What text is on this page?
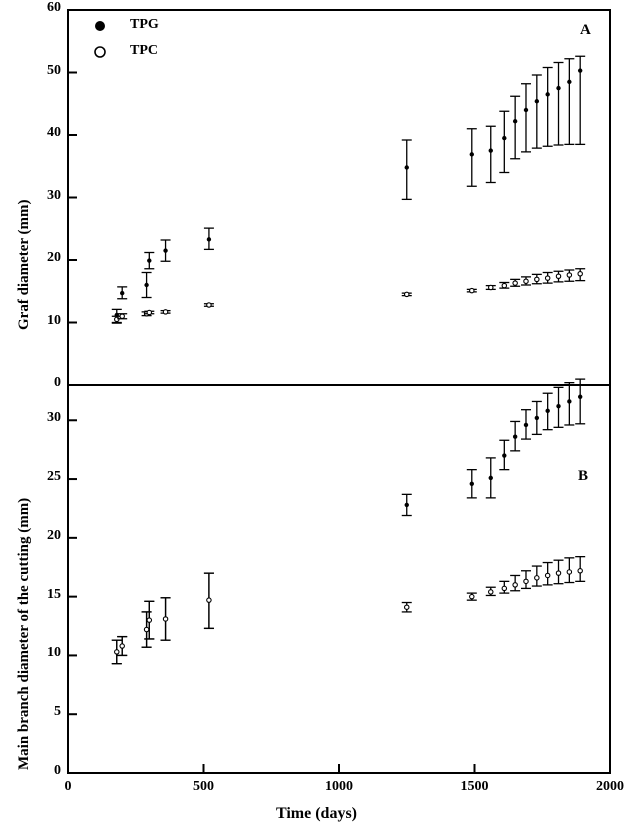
Graf diameter (mm)
Main branch diameter of the cutting (mm)
Time (days)
A
B
TPG
TPC
0
10
20
30
40
50
60
0
5
10
15
20
25
30
0	500	1000	1500	2000
